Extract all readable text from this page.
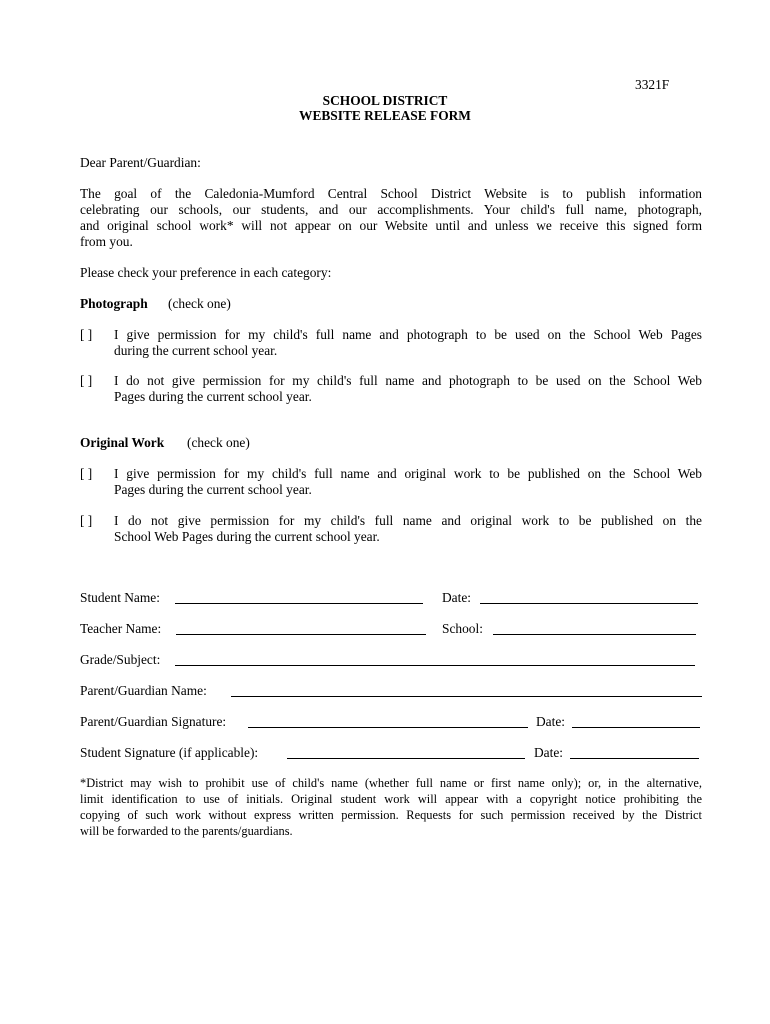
3321F
SCHOOL DISTRICT
WEBSITE RELEASE FORM
Dear Parent/Guardian:
The goal of the Caledonia-Mumford Central School District Website is to publish information
celebrating our schools, our students, and our accomplishments. Your child's full name, photograph,
and original school work* will not appear on our Website until and unless we receive this signed form
from you.
Please check your preference in each category:
Photograph (check one)
[ ] I give permission for my child's full name and photograph to be used on the School Web Pages
during the current school year.
[ ] I do not give permission for my child's full name and photograph to be used on the School Web
Pages during the current school year.
Original Work (check one)
[ ] I give permission for my child's full name and original work to be published on the School Web
Pages during the current school year.
[ ] I do not give permission for my child's full name and original work to be published on the
School Web Pages during the current school year.
Student Name:	Date:
Teacher Name:	School:
Grade/Subject:
Parent/Guardian Name:
Parent/Guardian Signature:	Date:
Student Signature (if applicable):	Date:
*District may wish to prohibit use of child's name (whether full name or first name only); or, in the alternative,
limit identification to use of initials. Original student work will appear with a copyright notice prohibiting the
copying of such work without express written permission. Requests for such permission received by the District
will be forwarded to the parents/guardians.
